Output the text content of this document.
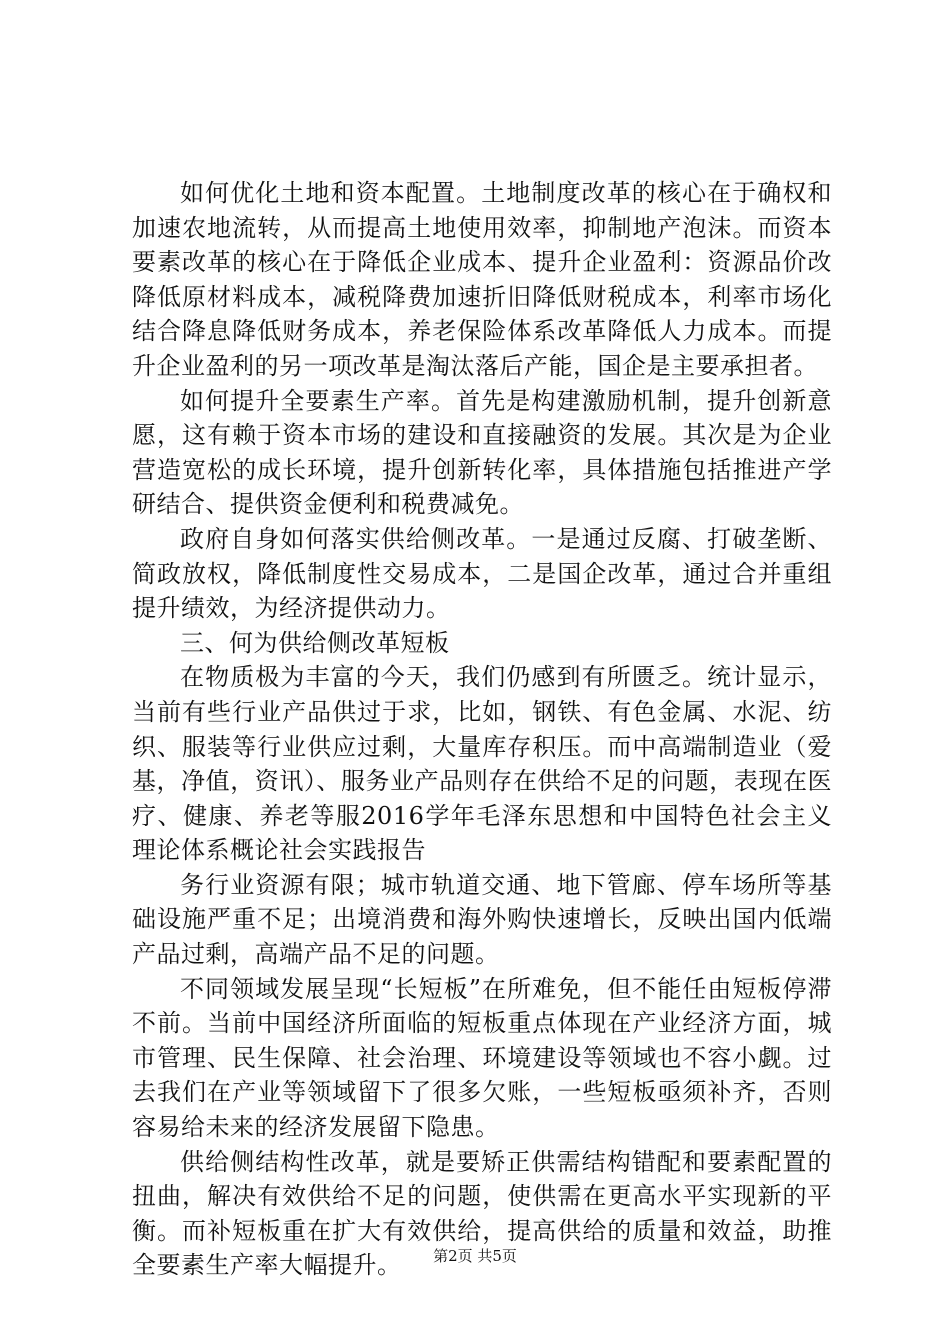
如何优化土地和资本配置。土地制度改革的核心在于确权和加速农地流转，从而提高土地使用效率，抑制地产泡沫。而资本要素改革的核心在于降低企业成本、提升企业盈利：资源品价改降低原材料成本，减税降费加速折旧降低财税成本，利率市场化结合降息降低财务成本，养老保险体系改革降低人力成本。而提升企业盈利的另一项改革是淘汰落后产能，国企是主要承担者。

如何提升全要素生产率。首先是构建激励机制，提升创新意愿，这有赖于资本市场的建设和直接融资的发展。其次是为企业营造宽松的成长环境，提升创新转化率，具体措施包括推进产学研结合、提供资金便利和税费减免。

政府自身如何落实供给侧改革。一是通过反腐、打破垄断、简政放权，降低制度性交易成本，二是国企改革，通过合并重组提升绩效，为经济提供动力。

三、何为供给侧改革短板

在物质极为丰富的今天，我们仍感到有所匮乏。统计显示，当前有些行业产品供过于求，比如，钢铁、有色金属、水泥、纺织、服装等行业供应过剩，大量库存积压。而中高端制造业（爱基，净值，资讯）、服务业产品则存在供给不足的问题，表现在医疗、健康、养老等服2016学年毛泽东思想和中国特色社会主义理论体系概论社会实践报告

务行业资源有限；城市轨道交通、地下管廊、停车场所等基础设施严重不足；出境消费和海外购快速增长，反映出国内低端产品过剩，高端产品不足的问题。

不同领域发展呈现“长短板”在所难免，但不能任由短板停滞不前。当前中国经济所面临的短板重点体现在产业经济方面，城市管理、民生保障、社会治理、环境建设等领域也不容小觑。过去我们在产业等领域留下了很多欠账，一些短板亟须补齐，否则容易给未来的经济发展留下隐患。

供给侧结构性改革，就是要矫正供需结构错配和要素配置的扭曲，解决有效供给不足的问题，使供需在更高水平实现新的平衡。而补短板重在扩大有效供给，提高供给的质量和效益，助推全要素生产率大幅提升。	第2页 共5页
